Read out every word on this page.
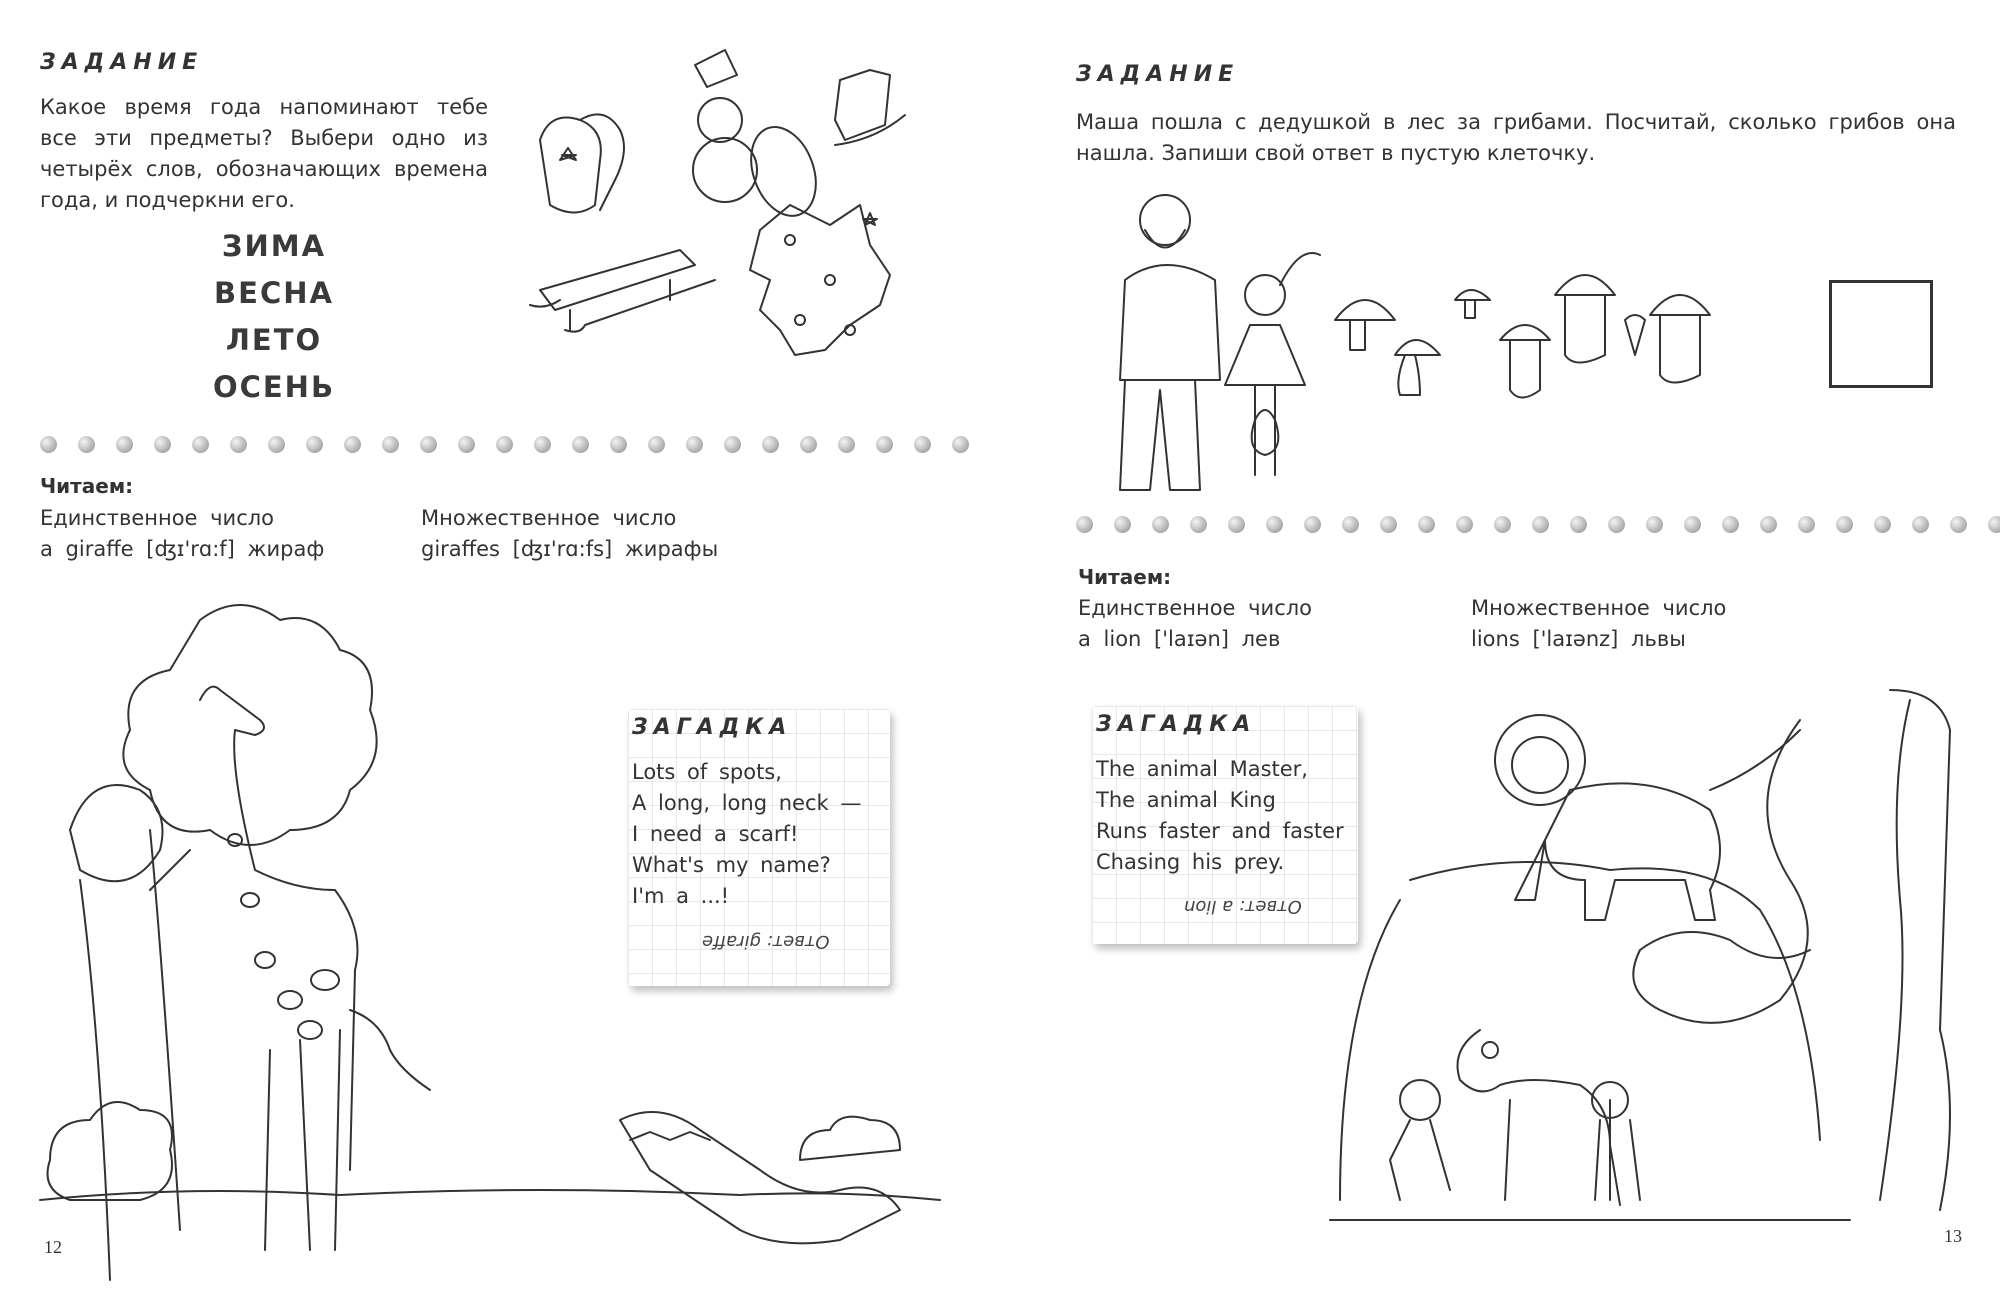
ЗАДАНИЕ
Какое время года напоминают тебе
все эти предметы? Выбери одно из
четырёх слов, обозначающих времена
года, и подчеркни его.
ЗИМА
ВЕСНА
ЛЕТО
ОСЕНЬ
Читаем:
Единственное число
a giraffe [ʤɪ'rɑ:f] жираф
Множественное число
giraffes [ʤɪ'rɑ:fs] жирафы
ЗАГАДКА
Lots of spots,
A long, long neck —
I need a scarf!
What's my name?
I'm a ...!
Ответ: giraffe
12
ЗАДАНИЕ
Маша пошла с дедушкой в лес за грибами. Посчитай, сколько грибов она
нашла. Запиши свой ответ в пустую клеточку.
Читаем:
Единственное число
a lion ['laɪən] лев
Множественное число
lions ['laɪənz] львы
ЗАГАДКА
The animal Master,
The animal King
Runs faster and faster
Chasing his prey.
Ответ: a lion
13
